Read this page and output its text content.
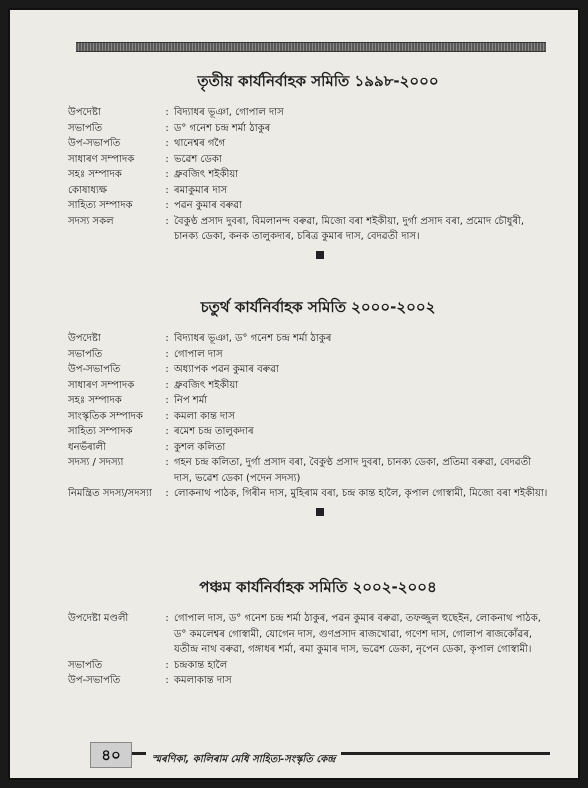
তৃতীয় কাৰ্যনিৰ্বাহক সমিতি ১৯৯৮-২০০০
উপদেষ্টা	: বিদ্যাধৰ ভূঞা, গোপাল দাস
সভাপতি	: ড° গনেশ চন্দ্ৰ শৰ্মা ঠাকুৰ
উপ-সভাপতি	: থানেশ্বৰ গগৈ
সাধাৰণ সম্পাদক	: ভৱেশ ডেকা
সহঃ সম্পাদক	: ধ্ৰুবজিৎ শইকীয়া
কোষাধ্যক্ষ	: ৰমাকুমাৰ দাস
সাহিত্য সম্পাদক	: পৱন কুমাৰ বৰুৱা
সদস্য সকল	: বৈকুণ্ঠ প্ৰসাদ দুবৰা, বিমলানন্দ বৰুৱা, মিজো বৰা শইকীয়া, দুৰ্গা প্ৰসাদ বৰা, প্ৰমোদ চৌধুৰী, চানক্য ডেকা, কনক তালুকদাৰ, চৰিত্ৰ কুমাৰ দাস, বেদৱতী দাস।
চতুৰ্থ কাৰ্যনিৰ্বাহক সমিতি ২০০০-২০০২
উপদেষ্টা	: বিদ্যাধৰ ভূঞা, ড° গনেশ চন্দ্ৰ শৰ্মা ঠাকুৰ
সভাপতি	: গোপাল দাস
উপ-সভাপতি	: অধ্যাপক পৱন কুমাৰ বৰুৱা
সাধাৰণ সম্পাদক	: ধ্ৰুবজিৎ শইকীয়া
সহঃ সম্পাদক	: নিপ শৰ্মা
সাংস্কৃতিক সম্পাদক	: কমলা কান্ত দাস
সাহিত্য সম্পাদক	: ৰমেশ চন্দ্ৰ তালুকদাৰ
ধনভঁৰালী	: কুশল কলিতা
সদস্য / সদস্যা	: গহন চন্দ্ৰ কলিতা, দুৰ্গা প্ৰসাদ বৰা, বৈকুণ্ঠ প্ৰসাদ দুবৰা, চানক্য ডেকা, প্ৰতিমা বৰুৱা, বেদৱতী দাস, ভৱেশ ডেকা (পদেন সদস্য)
নিমন্ত্ৰিত সদস্য/সদস্যা	: লোকনাথ পাঠক, গিৰীন দাস, মুহিৰাম বৰা, চন্দ্ৰ কান্ত হালৈ, কৃপাল গোস্বামী, মিজো বৰা শইকীয়া।
পঞ্চম কাৰ্যনিৰ্বাহক সমিতি ২০০২-২০০৪
উপদেষ্টা মণ্ডলী	: গোপাল দাস, ড° গনেশ চন্দ্ৰ শৰ্মা ঠাকুৰ, পৱন কুমাৰ বৰুৱা, তফজ্জুল হুছেইন, লোকনাথ পাঠক, ড° কমলেশ্বৰ গোস্বামী, যোগেন দাস, গুণপ্ৰসাদ ৰাজখোৱা, গণেশ দাস, গোলাপ ৰাজকোঁৱৰ, যতীন্দ্ৰ নাথ বৰুৱা, গঙ্গাধৰ শৰ্মা, ৰমা কুমাৰ দাস, ভৱেশ ডেকা, নৃপেন ডেকা, কৃপাল গোস্বামী।
সভাপতি	: চন্দ্ৰকান্ত হালৈ
উপ-সভাপতি	: কমলাকান্ত দাস
৪০	স্মৰণিকা, কালিৰাম মেধি সাহিত্য-সংস্কৃতি কেন্দ্ৰ
